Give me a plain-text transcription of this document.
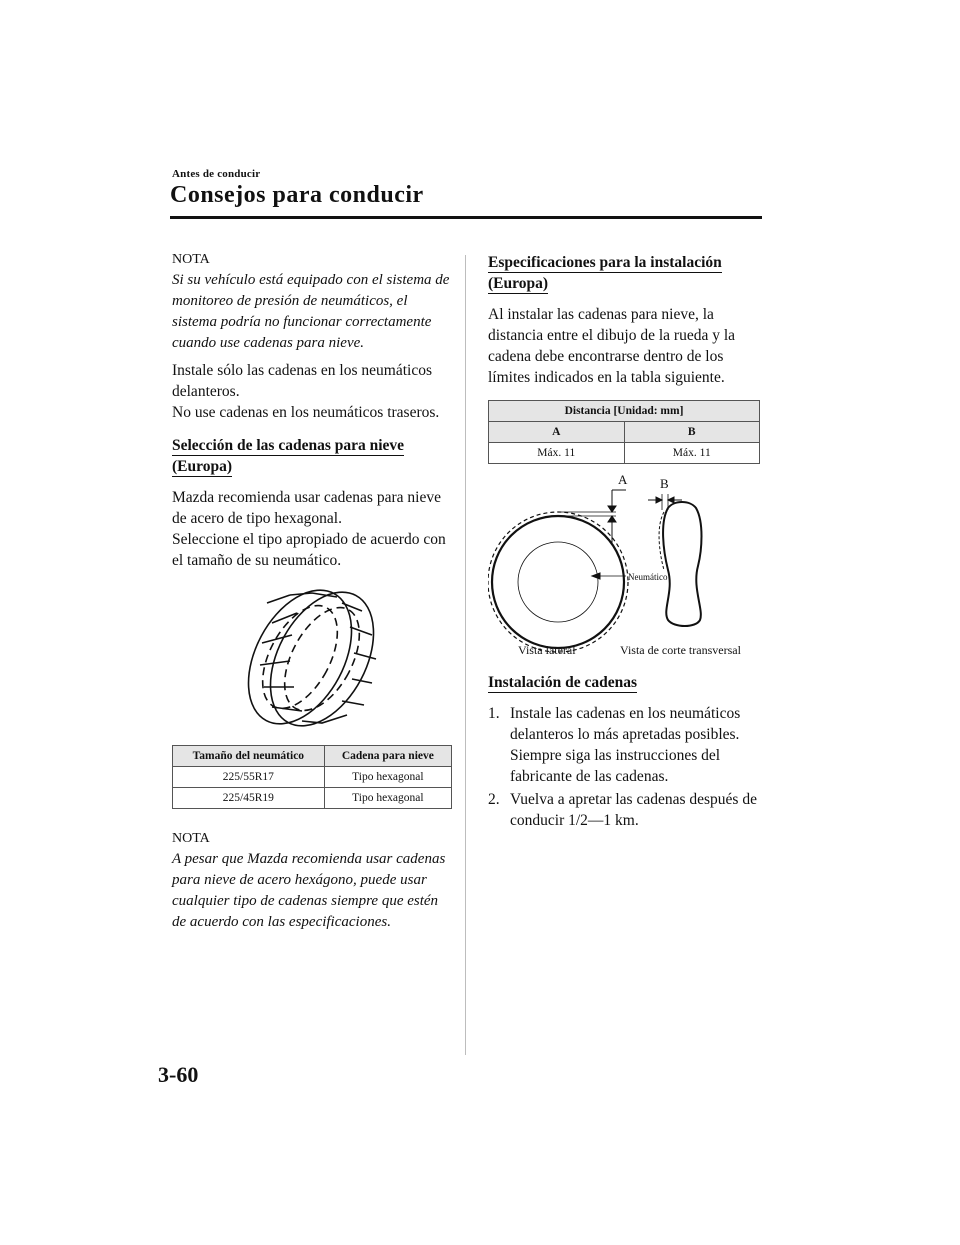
Antes de conducir
Consejos para conducir
NOTA

Si su vehículo está equipado con el sistema de monitoreo de presión de neumáticos, el sistema podría no funcionar correctamente cuando use cadenas para nieve.

Instale sólo las cadenas en los neumáticos delanteros.

No use cadenas en los neumáticos traseros.

Selección de las cadenas para nieve (Europa)

Mazda recomienda usar cadenas para nieve de acero de tipo hexagonal.

Seleccione el tipo apropiado de acuerdo con el tamaño de su neumático.

Tamaño del neumático	Cadena para nieve
225/55R17	Tipo hexagonal
225/45R19	Tipo hexagonal
NOTA

A pesar que Mazda recomienda usar cadenas para nieve de acero hexágono, puede usar cualquier tipo de cadenas siempre que estén de acuerdo con las especificaciones.

Especificaciones para la instalación (Europa)

Al instalar las cadenas para nieve, la distancia entre el dibujo de la rueda y la cadena debe encontrarse dentro de los límites indicados en la tabla siguiente.

Distancia [Unidad: mm]	
A	B
Máx. 11	Máx. 11
A	B
Neumático
Vista lateral	Vista de corte transversal
Instalación de cadenas
1. Instale las cadenas en los neumáticos delanteros lo más apretadas posibles. Siempre siga las instrucciones del fabricante de las cadenas.
2. Vuelva a apretar las cadenas después de conducir 1/2―1 km.
3-60
